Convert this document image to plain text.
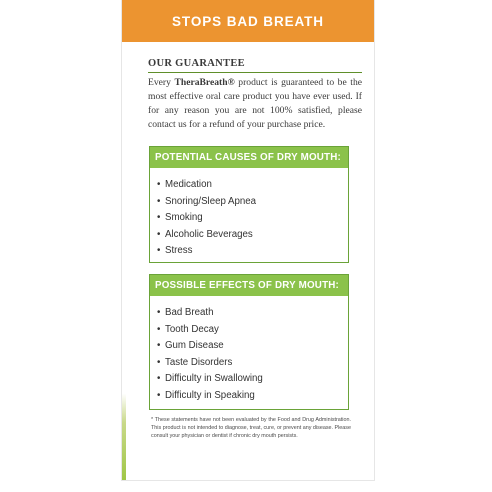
STOPS BAD BREATH
OUR GUARANTEE
Every TheraBreath® product is guaranteed to be the most effective oral care product you have ever used. If for any reason you are not 100% satisfied, please contact us for a refund of your purchase price.
POTENTIAL CAUSES OF DRY MOUTH:
• Medication
• Snoring/Sleep Apnea
• Smoking
• Alcoholic Beverages
• Stress
POSSIBLE EFFECTS OF DRY MOUTH:
• Bad Breath
• Tooth Decay
• Gum Disease
• Taste Disorders
• Difficulty in Swallowing
• Difficulty in Speaking
* These statements have not been evaluated by the Food and Drug Administration. This product is not intended to diagnose, treat, cure, or prevent any disease. Please consult your physician or dentist if chronic dry mouth persists.
